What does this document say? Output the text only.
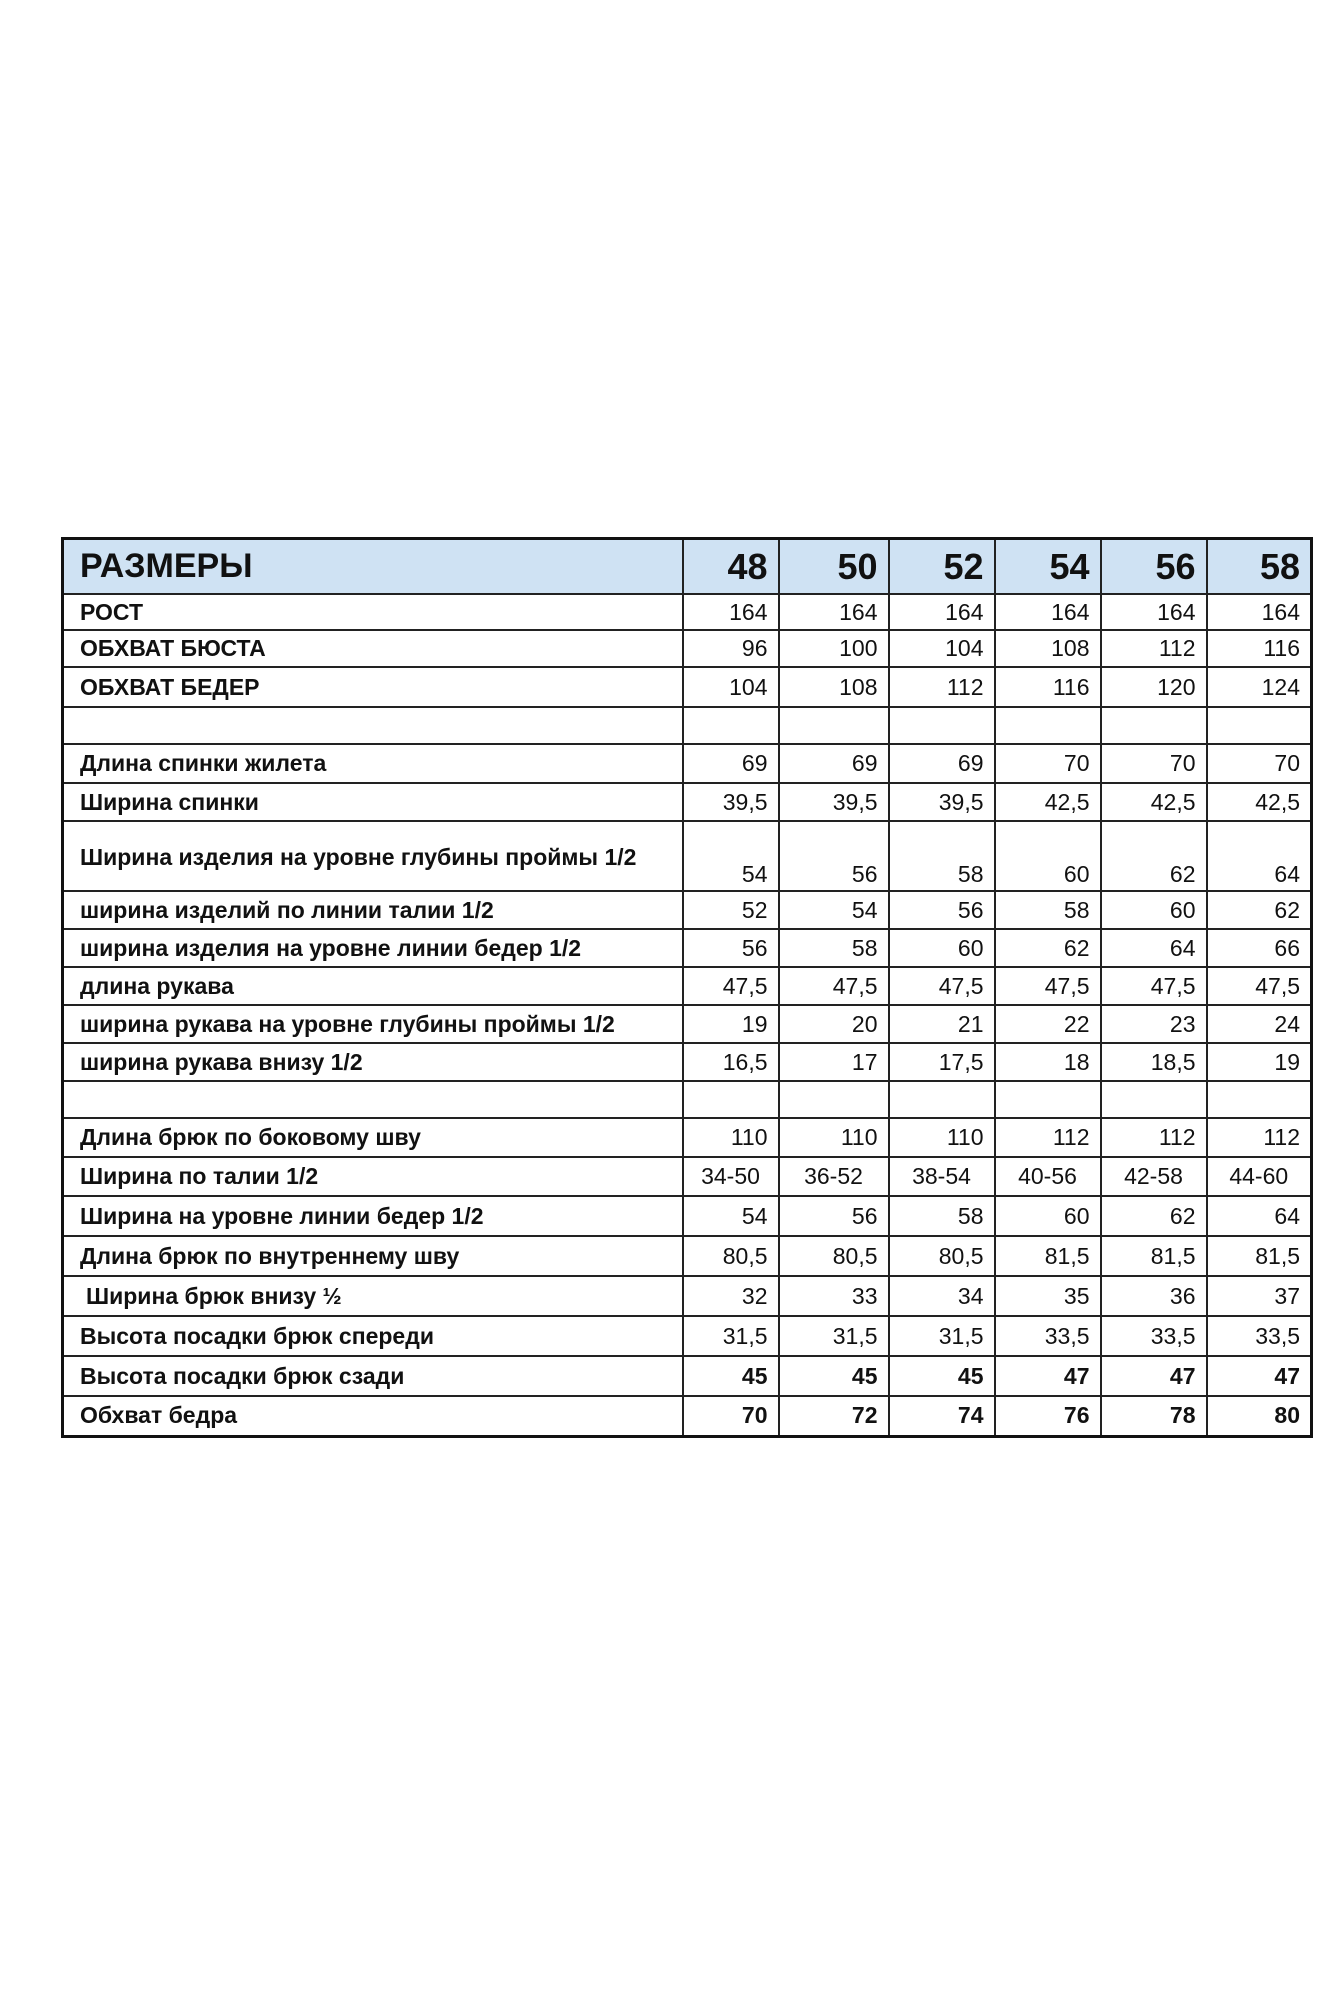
РАЗМЕРЫ	48	50	52	54	56	58
РОСТ	164	164	164	164	164	164
ОБХВАТ БЮСТА	96	100	104	108	112	116
ОБХВАТ БЕДЕР	104	108	112	116	120	124

Длина спинки жилета	69	69	69	70	70	70
Ширина спинки	39,5	39,5	39,5	42,5	42,5	42,5
Ширина изделия на уровне глубины проймы 1/2	54	56	58	60	62	64
ширина изделий по линии талии 1/2	52	54	56	58	60	62
ширина изделия на уровне линии бедер 1/2	56	58	60	62	64	66
длина рукава	47,5	47,5	47,5	47,5	47,5	47,5
ширина рукава на уровне глубины проймы 1/2	19	20	21	22	23	24
ширина рукава внизу 1/2	16,5	17	17,5	18	18,5	19

Длина брюк по боковому шву	110	110	110	112	112	112
Ширина по талии 1/2	34-50	36-52	38-54	40-56	42-58	44-60
Ширина на уровне линии бедер 1/2	54	56	58	60	62	64
Длина брюк по внутреннему шву	80,5	80,5	80,5	81,5	81,5	81,5
Ширина брюк внизу ½	32	33	34	35	36	37
Высота посадки брюк спереди	31,5	31,5	31,5	33,5	33,5	33,5
Высота посадки брюк сзади	45	45	45	47	47	47
Обхват бедра	70	72	74	76	78	80
